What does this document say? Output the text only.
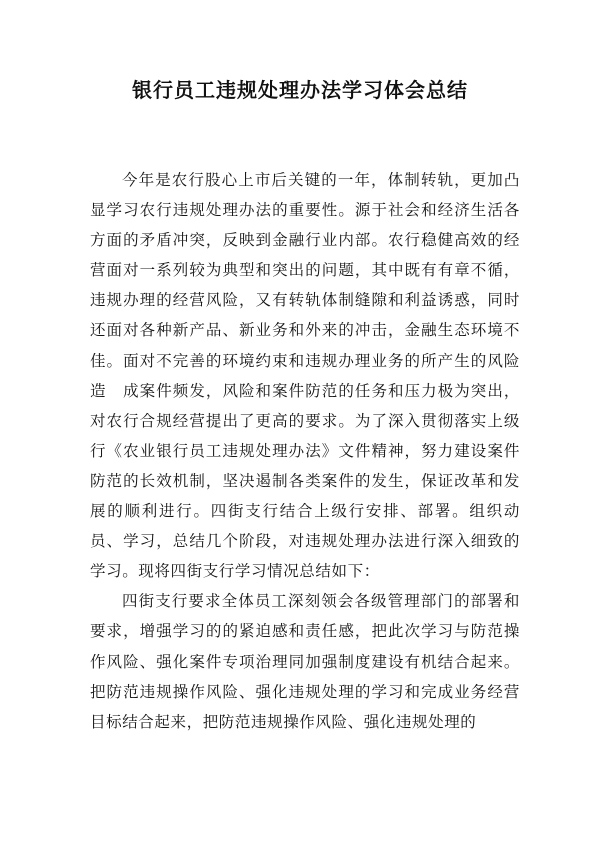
银行员工违规处理办法学习体会总结

今年是农行股心上市后关键的一年，体制转轨，更加凸显学习农行违规处理办法的重要性。源于社会和经济生活各方面的矛盾冲突，反映到金融行业内部。农行稳健高效的经营面对一系列较为典型和突出的问题，其中既有有章不循，违规办理的经营风险，又有转轨体制缝隙和利益诱惑，同时还面对各种新产品、新业务和外来的冲击，金融生态环境不佳。面对不完善的环境约束和违规办理业务的所产生的风险造　成案件频发，风险和案件防范的任务和压力极为突出，对农行合规经营提出了更高的要求。为了深入贯彻落实上级行《农业银行员工违规处理办法》文件精神，努力建设案件防范的长效机制，坚决遏制各类案件的发生，保证改革和发展的顺利进行。四街支行结合上级行安排、部署。组织动员、学习，总结几个阶段，对违规处理办法进行深入细致的学习。现将四街支行学习情况总结如下：

四街支行要求全体员工深刻领会各级管理部门的部署和要求，增强学习的的紧迫感和责任感，把此次学习与防范操作风险、强化案件专项治理同加强制度建设有机结合起来。把防范违规操作风险、强化违规处理的学习和完成业务经营目标结合起来，把防范违规操作风险、强化违规处理的
